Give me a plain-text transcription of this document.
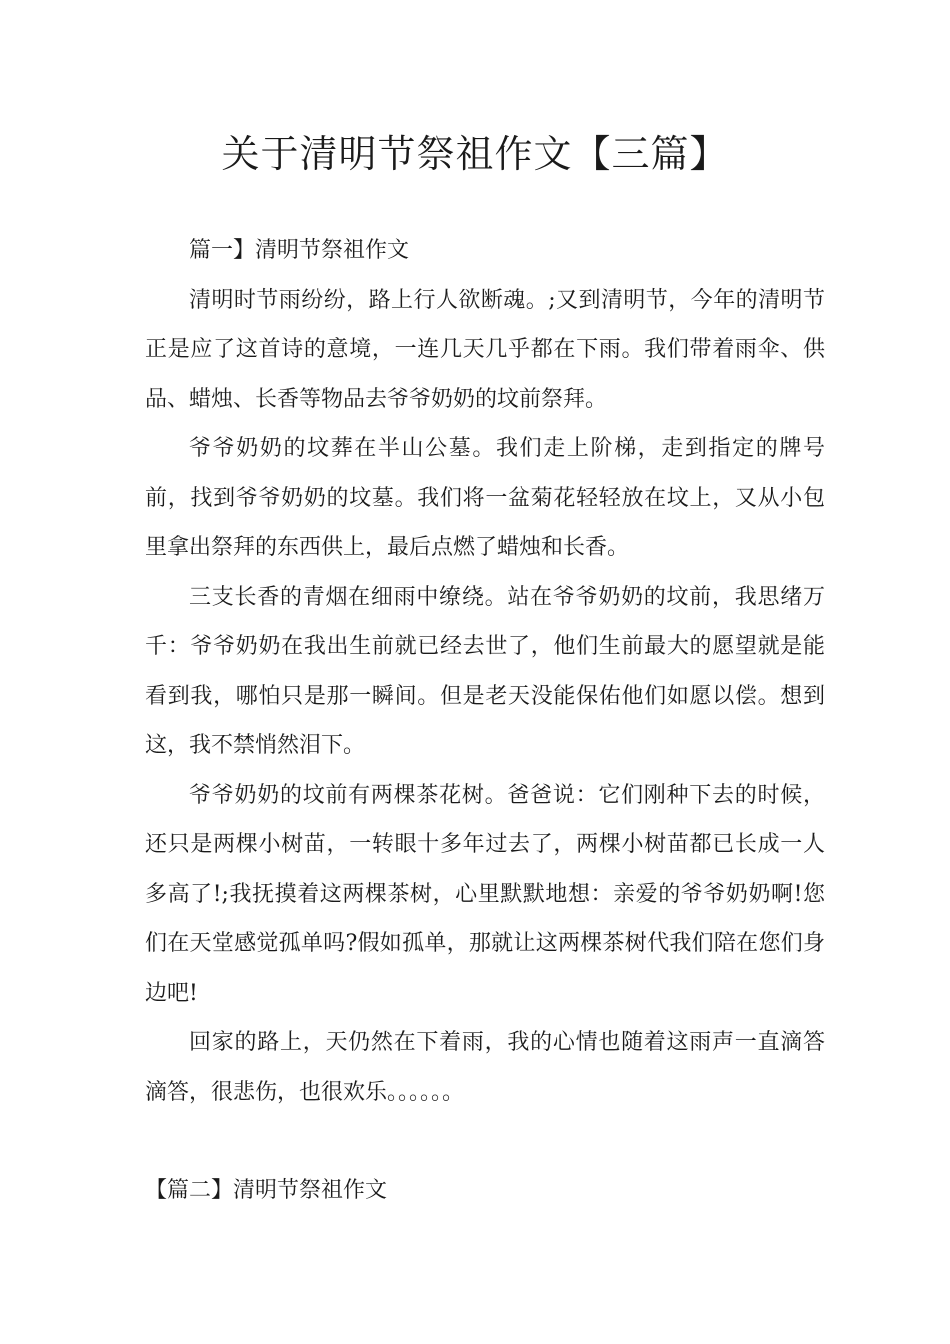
关于清明节祭祖作文【三篇】

篇一】清明节祭祖作文

清明时节雨纷纷，路上行人欲断魂。;又到清明节，今年的清明节正是应了这首诗的意境，一连几天几乎都在下雨。我们带着雨伞、供品、蜡烛、长香等物品去爷爷奶奶的坟前祭拜。

爷爷奶奶的坟葬在半山公墓。我们走上阶梯，走到指定的牌号前，找到爷爷奶奶的坟墓。我们将一盆菊花轻轻放在坟上，又从小包里拿出祭拜的东西供上，最后点燃了蜡烛和长香。

三支长香的青烟在细雨中缭绕。站在爷爷奶奶的坟前，我思绪万千：爷爷奶奶在我出生前就已经去世了，他们生前最大的愿望就是能看到我，哪怕只是那一瞬间。但是老天没能保佑他们如愿以偿。想到这，我不禁悄然泪下。

爷爷奶奶的坟前有两棵茶花树。爸爸说：它们刚种下去的时候，还只是两棵小树苗，一转眼十多年过去了，两棵小树苗都已长成一人多高了!;我抚摸着这两棵茶树，心里默默地想：亲爱的爷爷奶奶啊!您们在天堂感觉孤单吗?假如孤单，那就让这两棵茶树代我们陪在您们身边吧!

回家的路上，天仍然在下着雨，我的心情也随着这雨声一直滴答滴答，很悲伤，也很欢乐。。。。。。

【篇二】清明节祭祖作文
